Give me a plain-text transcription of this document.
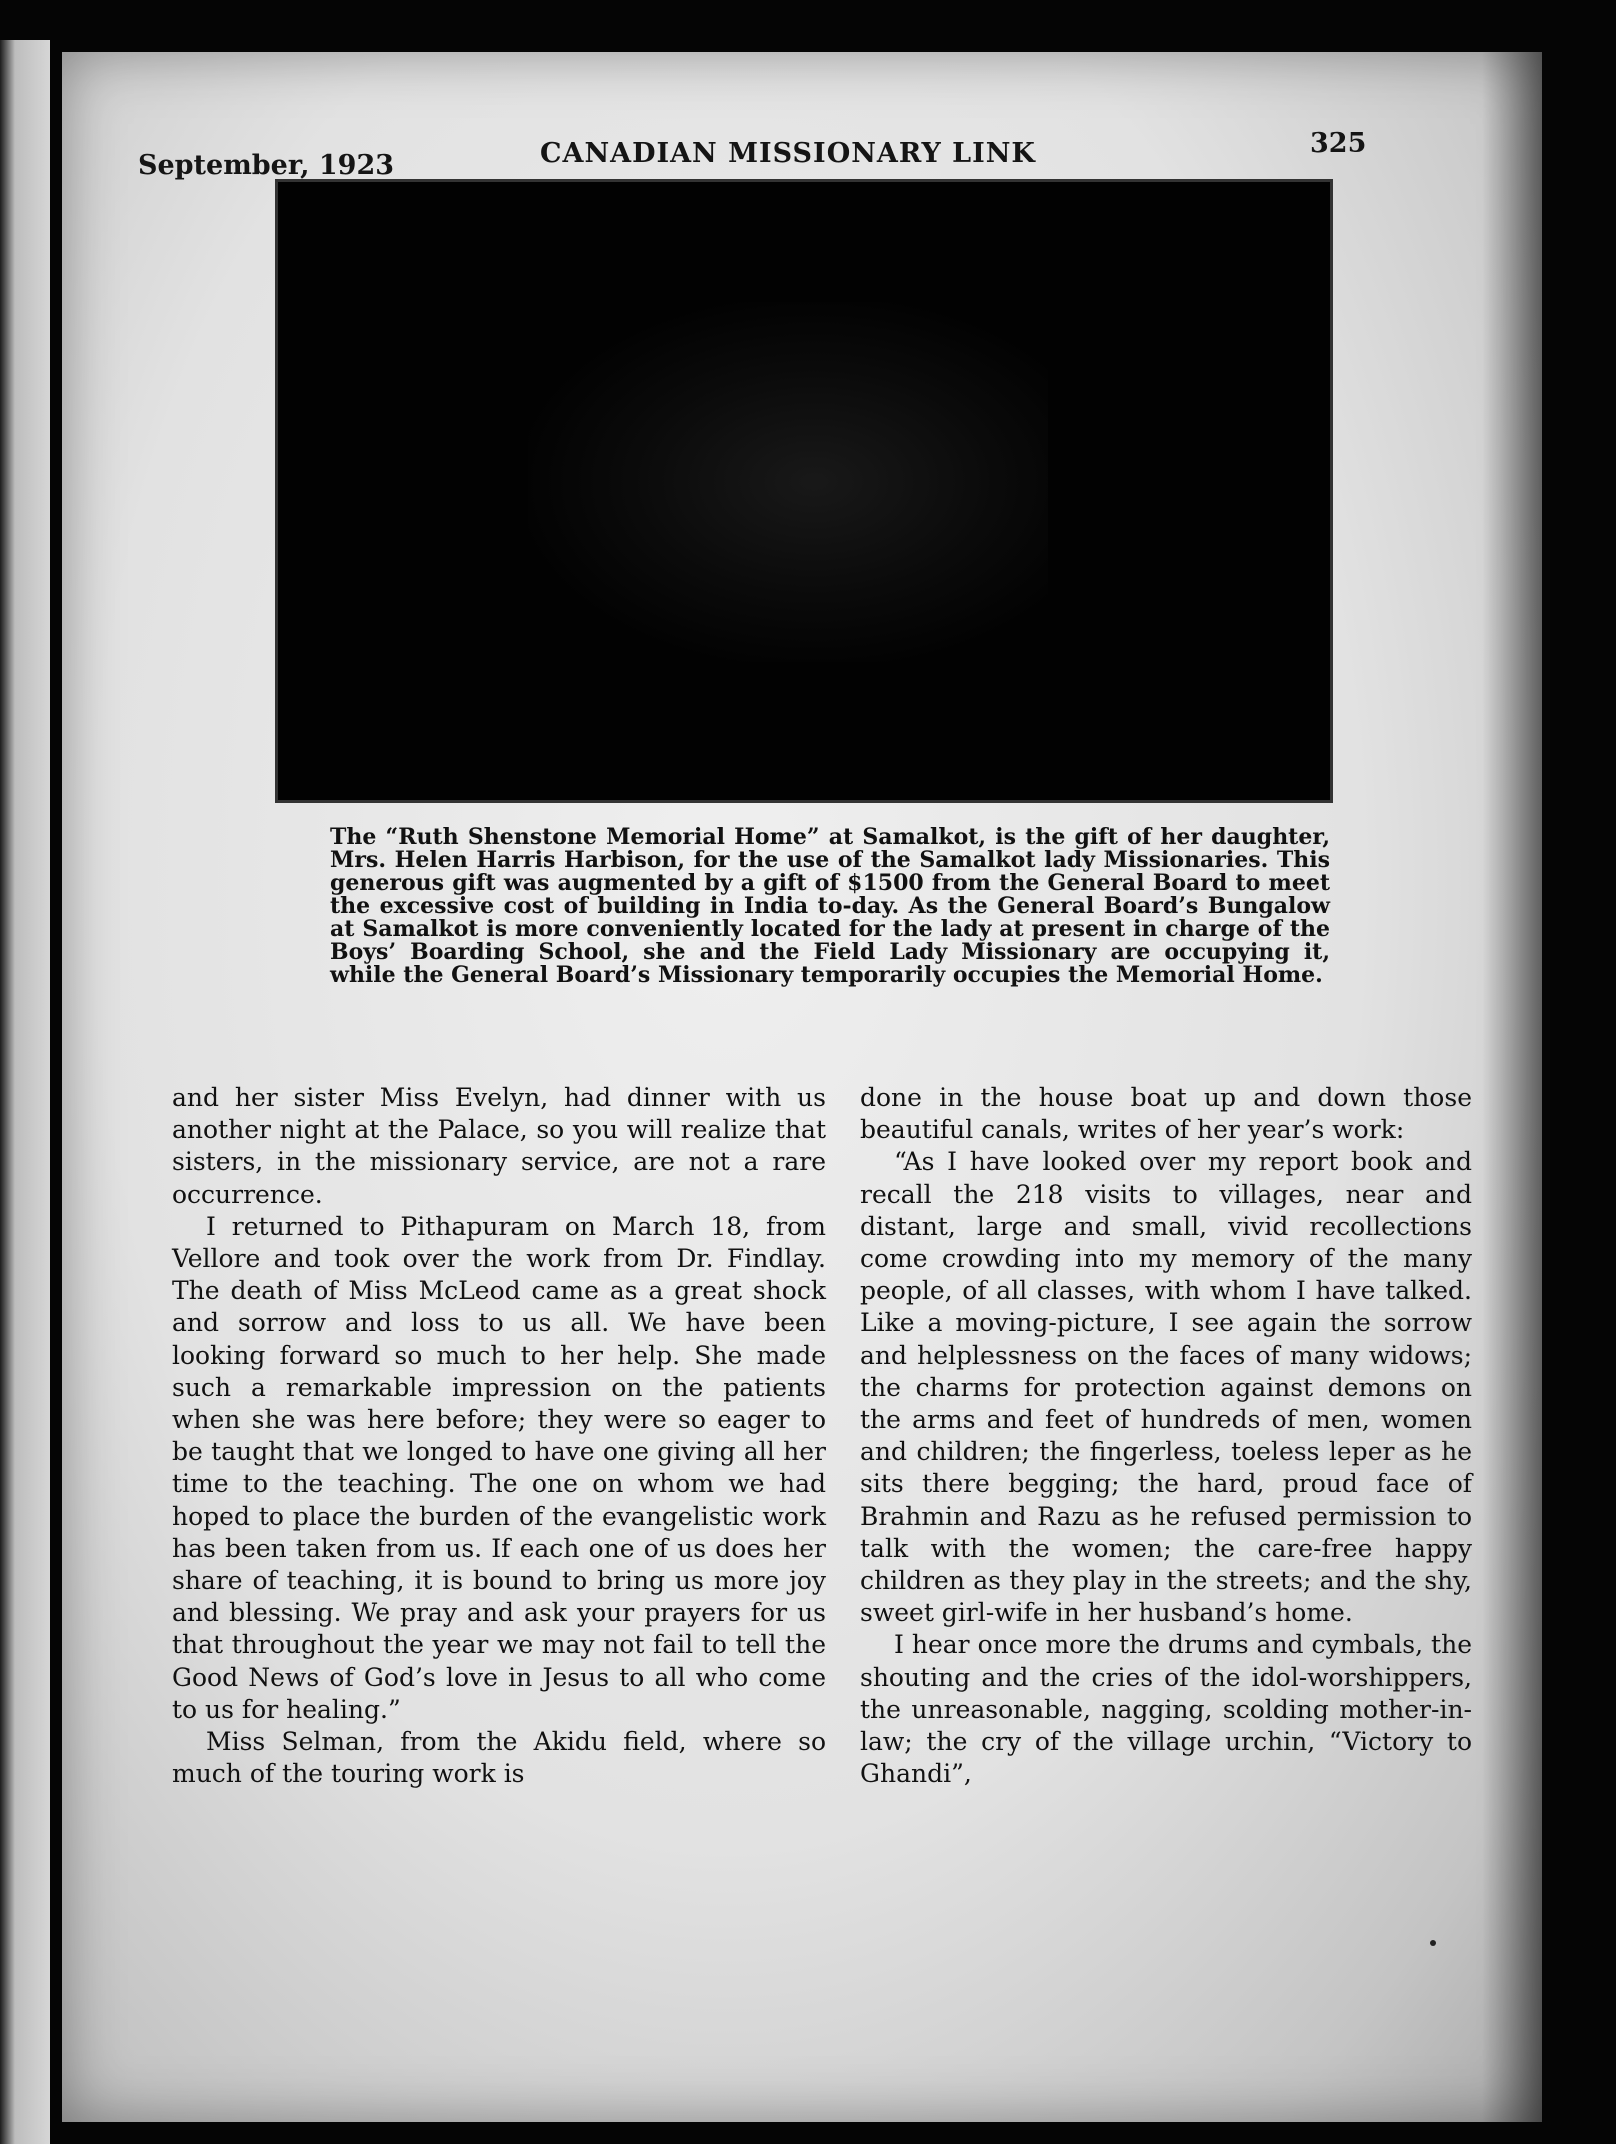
September, 1923	CANADIAN MISSIONARY LINK	325

The “Ruth Shenstone Memorial Home” at Samalkot, is the gift of her daughter, Mrs. Helen Harris Harbison, for the use of the Samalkot lady Missionaries. This generous gift was augmented by a gift of $1500 from the General Board to meet the excessive cost of building in India to-day. As the General Board’s Bungalow at Samalkot is more conveniently located for the lady at present in charge of the Boys’ Boarding School, she and the Field Lady Missionary are occupying it, while the General Board’s Missionary temporarily occupies the Memorial Home.

and her sister Miss Evelyn, had dinner with us another night at the Palace, so you will realize that sisters, in the missionary service, are not a rare occurrence.

I returned to Pithapuram on March 18, from Vellore and took over the work from Dr. Findlay. The death of Miss McLeod came as a great shock and sorrow and loss to us all. We have been looking forward so much to her help. She made such a remarkable impression on the patients when she was here before; they were so eager to be taught that we longed to have one giving all her time to the teaching. The one on whom we had hoped to place the burden of the evangelistic work has been taken from us. If each one of us does her share of teaching, it is bound to bring us more joy and blessing. We pray and ask your prayers for us that throughout the year we may not fail to tell the Good News of God’s love in Jesus to all who come to us for healing.”

Miss Selman, from the Akidu field, where so much of the touring work is

done in the house boat up and down those beautiful canals, writes of her year’s work:

“As I have looked over my report book and recall the 218 visits to villages, near and distant, large and small, vivid recollections come crowding into my memory of the many people, of all classes, with whom I have talked. Like a moving-picture, I see again the sorrow and helplessness on the faces of many widows; the charms for protection against demons on the arms and feet of hundreds of men, women and children; the fingerless, toeless leper as he sits there begging; the hard, proud face of Brahmin and Razu as he refused permission to talk with the women; the care-free happy children as they play in the streets; and the shy, sweet girl-wife in her husband’s home.

I hear once more the drums and cymbals, the shouting and the cries of the idol-worshippers, the unreasonable, nagging, scolding mother-in-law; the cry of the village urchin, “Victory to Ghandi”,
